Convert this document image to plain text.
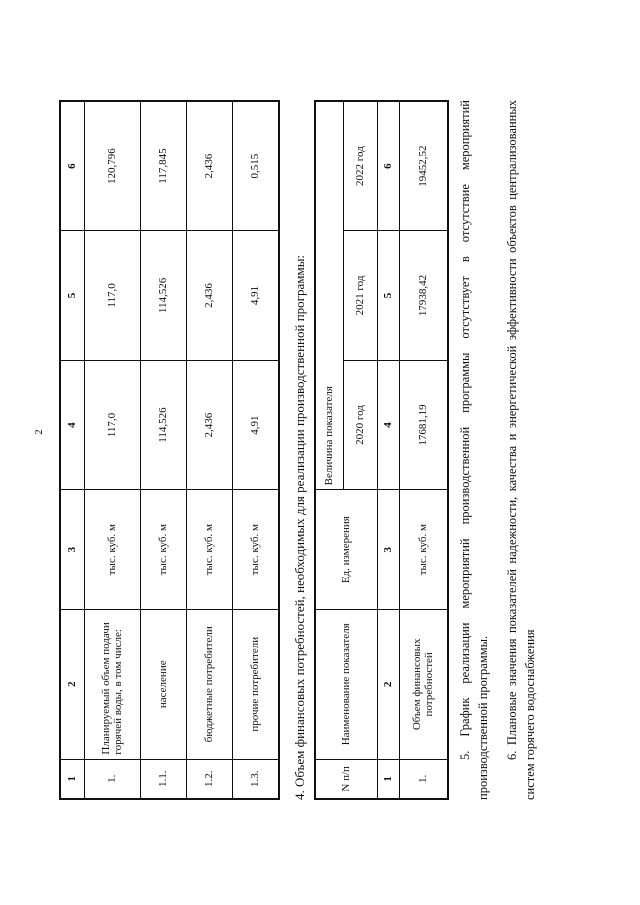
2
1	2	3	4	5	6
1.	Планируемый объем подачи горячей воды, в том числе:	тыс. куб. м	117,0	117,0	120,796
1.1.	население	тыс. куб. м	114,526	114,526	117,845
1.2.	бюджетные потребители	тыс. куб. м	2,436	2,436	2,436
1.3.	прочие потребители	тыс. куб. м	4,91	4,91	0,515
4. Объем финансовых потребностей, необходимых для реализации производственной программы:	N п/п	Наименование показателя	Ед. измерения	Величина показателя		
			2020 год	2021 год	2022 год
1	2	3	4	5	6
1.	Объем финансовых потребностей	тыс. куб. м	17681,19	17938,42	19452,52 5. График реализации мероприятий производственной программы отсутствует в отсутствие мероприятий производственной программы. 6. Плановые значения показателей надежности, качества и энергетической эффективности объектов централизованных систем горячего водоснабжения
